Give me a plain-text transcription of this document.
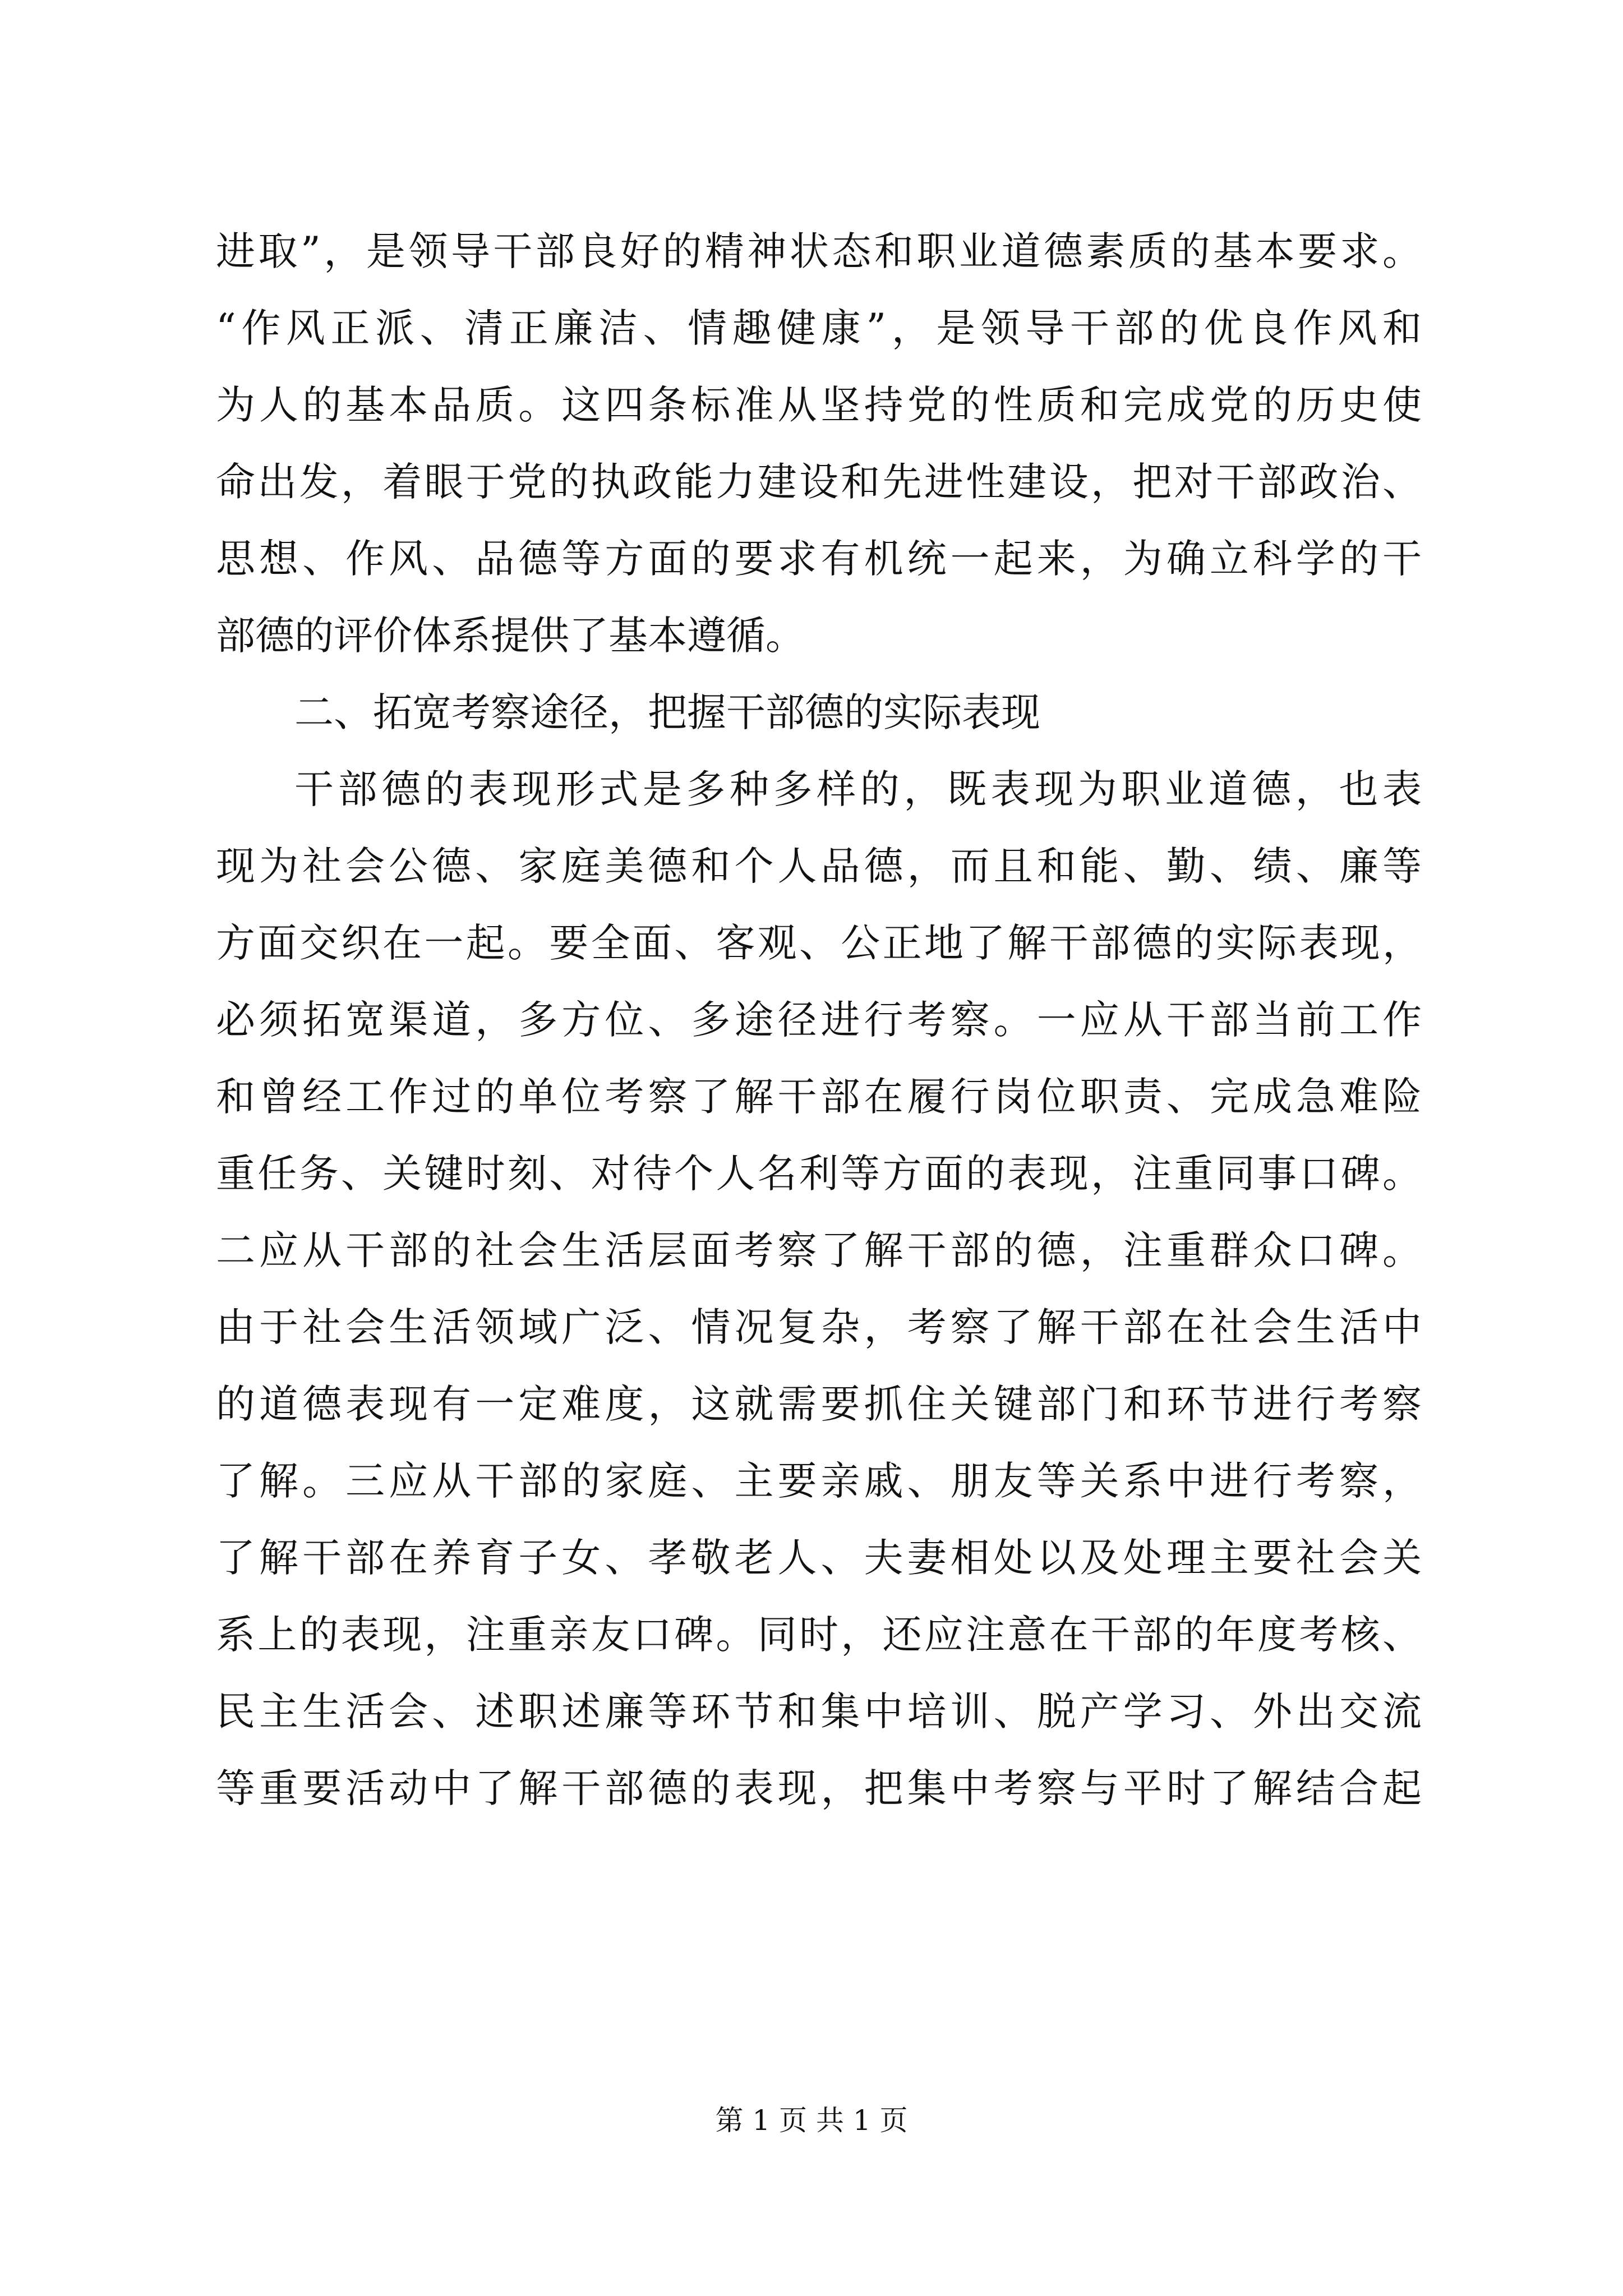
进取”，是领导干部良好的精神状态和职业道德素质的基本要求。
“作风正派、清正廉洁、情趣健康”，是领导干部的优良作风和
为人的基本品质。这四条标准从坚持党的性质和完成党的历史使
命出发，着眼于党的执政能力建设和先进性建设，把对干部政治、
思想、作风、品德等方面的要求有机统一起来，为确立科学的干
部德的评价体系提供了基本遵循。
二、拓宽考察途径，把握干部德的实际表现
干部德的表现形式是多种多样的，既表现为职业道德，也表
现为社会公德、家庭美德和个人品德，而且和能、勤、绩、廉等
方面交织在一起。要全面、客观、公正地了解干部德的实际表现，
必须拓宽渠道，多方位、多途径进行考察。一应从干部当前工作
和曾经工作过的单位考察了解干部在履行岗位职责、完成急难险
重任务、关键时刻、对待个人名利等方面的表现，注重同事口碑。
二应从干部的社会生活层面考察了解干部的德，注重群众口碑。
由于社会生活领域广泛、情况复杂，考察了解干部在社会生活中
的道德表现有一定难度，这就需要抓住关键部门和环节进行考察
了解。三应从干部的家庭、主要亲戚、朋友等关系中进行考察，
了解干部在养育子女、孝敬老人、夫妻相处以及处理主要社会关
系上的表现，注重亲友口碑。同时，还应注意在干部的年度考核、
民主生活会、述职述廉等环节和集中培训、脱产学习、外出交流
等重要活动中了解干部德的表现，把集中考察与平时了解结合起
第 1 页 共 1 页
